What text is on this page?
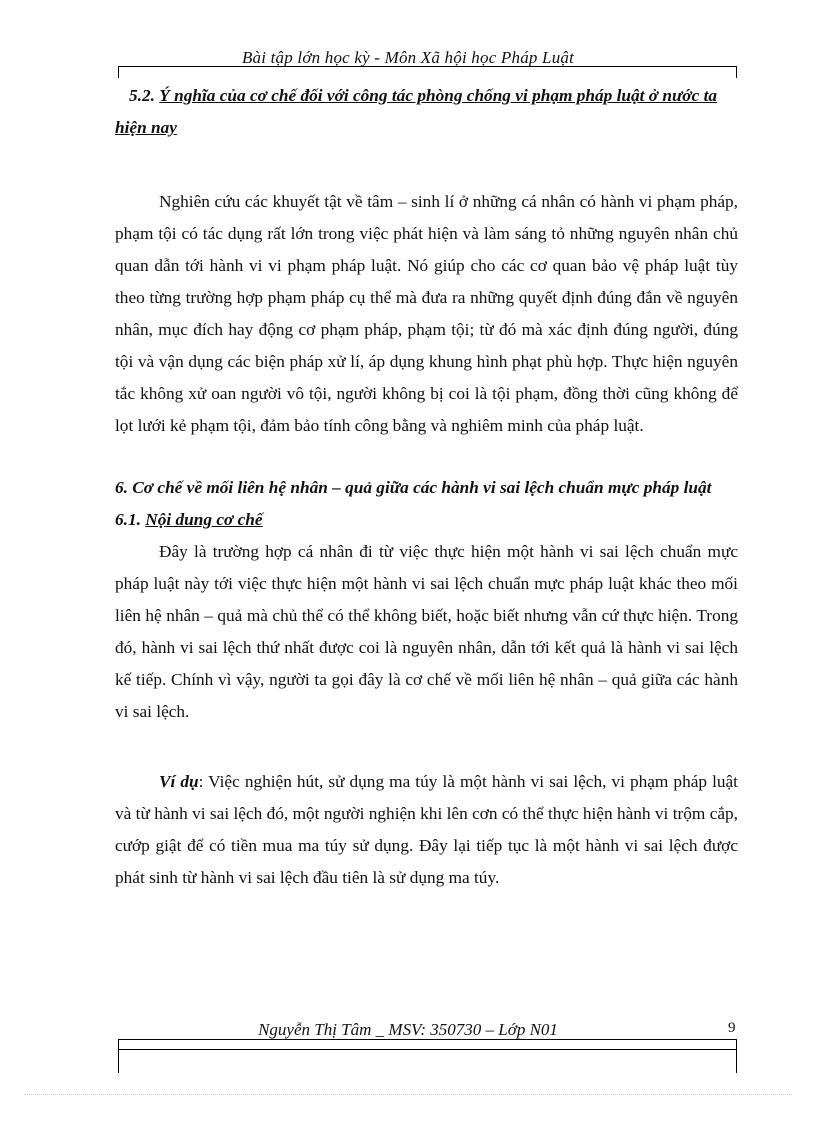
Bài tập lớn học kỳ - Môn Xã hội học Pháp Luật

5.2. Ý nghĩa của cơ chế đối với công tác phòng chống vi phạm pháp luật ở nước ta hiện nay

Nghiên cứu các khuyết tật về tâm – sinh lí ở những cá nhân có hành vi phạm pháp, phạm tội có tác dụng rất lớn trong việc phát hiện và làm sáng tỏ những nguyên nhân chủ quan dẫn tới hành vi vi phạm pháp luật. Nó giúp cho các cơ quan bảo vệ pháp luật tùy theo từng trường hợp phạm pháp cụ thể mà đưa ra những quyết định đúng đắn về nguyên nhân, mục đích hay động cơ phạm pháp, phạm tội; từ đó mà xác định đúng người, đúng tội và vận dụng các biện pháp xử lí, áp dụng khung hình phạt phù hợp. Thực hiện nguyên tắc không xử oan người vô tội, người không bị coi là tội phạm, đồng thời cũng không để lọt lưới kẻ phạm tội, đảm bảo tính công bằng và nghiêm minh của pháp luật.

6. Cơ chế về mối liên hệ nhân – quả giữa các hành vi sai lệch chuẩn mực pháp luật

6.1. Nội dung cơ chế

Đây là trường hợp cá nhân đi từ việc thực hiện một hành vi sai lệch chuẩn mực pháp luật này tới việc thực hiện một hành vi sai lệch chuẩn mực pháp luật khác theo mối liên hệ nhân – quả mà chủ thể có thể không biết, hoặc biết nhưng vẫn cứ thực hiện. Trong đó, hành vi sai lệch thứ nhất được coi là nguyên nhân, dẫn tới kết quả là hành vi sai lệch kế tiếp. Chính vì vậy, người ta gọi đây là cơ chế về mối liên hệ nhân – quả giữa các hành vi sai lệch.

Ví dụ: Việc nghiện hút, sử dụng ma túy là một hành vi sai lệch, vi phạm pháp luật và từ hành vi sai lệch đó, một người nghiện khi lên cơn có thể thực hiện hành vi trộm cắp, cướp giật để có tiền mua ma túy sử dụng. Đây lại tiếp tục là một hành vi sai lệch được phát sinh từ hành vi sai lệch đầu tiên là sử dụng ma túy.

Nguyễn Thị Tâm _ MSV: 350730 – Lớp N01	9
